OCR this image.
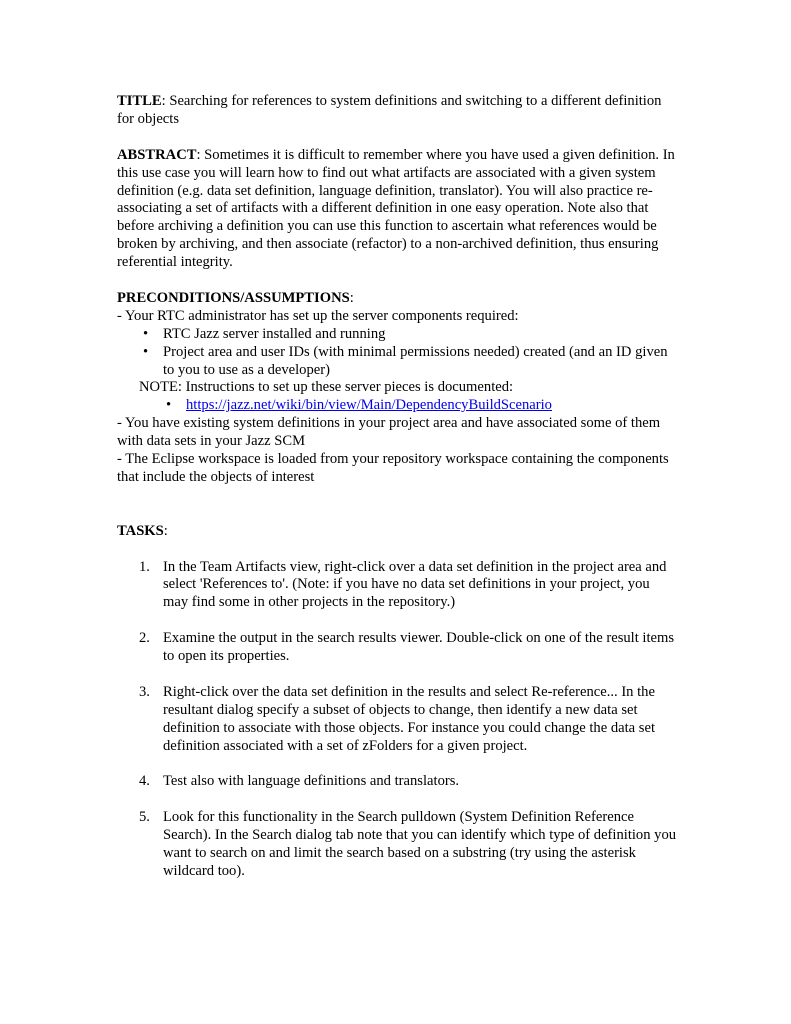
TITLE: Searching for references to system definitions and switching to a different definition for objects

ABSTRACT: Sometimes it is difficult to remember where you have used a given definition. In this use case you will learn how to find out what artifacts are associated with a given system definition (e.g. data set definition, language definition, translator). You will also practice re-associating a set of artifacts with a different definition in one easy operation. Note also that before archiving a definition you can use this function to ascertain what references would be broken by archiving, and then associate (refactor) to a non-archived definition, thus ensuring referential integrity.

PRECONDITIONS/ASSUMPTIONS:

- Your RTC administrator has set up the server components required:

• RTC Jazz server installed and running
• Project area and user IDs (with minimal permissions needed) created (and an ID given to you to use as a developer)

NOTE: Instructions to set up these server pieces is documented:

• https://jazz.net/wiki/bin/view/Main/DependencyBuildScenario

- You have existing system definitions in your project area and have associated some of them with data sets in your Jazz SCM

- The Eclipse workspace is loaded from your repository workspace containing the components that include the objects of interest

TASKS:

1. In the Team Artifacts view, right-click over a data set definition in the project area and select 'References to'. (Note: if you have no data set definitions in your project, you may find some in other projects in the repository.)
2. Examine the output in the search results viewer. Double-click on one of the result items to open its properties.
3. Right-click over the data set definition in the results and select Re-reference... In the resultant dialog specify a subset of objects to change, then identify a new data set definition to associate with those objects. For instance you could change the data set definition associated with a set of zFolders for a given project.
4. Test also with language definitions and translators.
5. Look for this functionality in the Search pulldown (System Definition Reference Search). In the Search dialog tab note that you can identify which type of definition you want to search on and limit the search based on a substring (try using the asterisk wildcard too).
